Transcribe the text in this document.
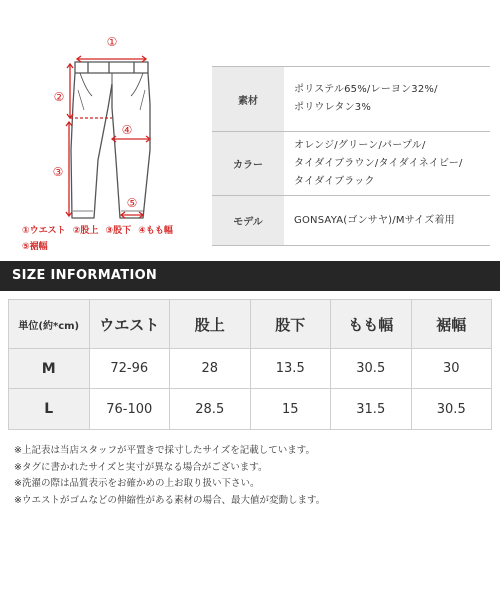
①
②
③
④
⑤
①ウエスト ②股上 ③股下 ④もも幅
⑤裾幅
素材	ポリステル65%/レーヨン32%/
ポリウレタン3%

カラー	オレンジ/グリーン/パープル/
タイダイブラウン/タイダイネイビー/
タイダイブラック

モデル	GONSAYA(ゴンサヤ)/Mサイズ着用
SIZE INFORMATION
単位(約*cm)	ウエスト	股上	股下	もも幅	裾幅
M	72-96	28	13.5	30.5	30
L	76-100	28.5	15	31.5	30.5
※上記表は当店スタッフが平置きで採寸したサイズを記載しています。
※タグに書かれたサイズと実寸が異なる場合がございます。
※洗濯の際は品質表示をお確かめの上お取り扱い下さい。
※ウエストがゴムなどの伸縮性がある素材の場合、最大値が変動します。
